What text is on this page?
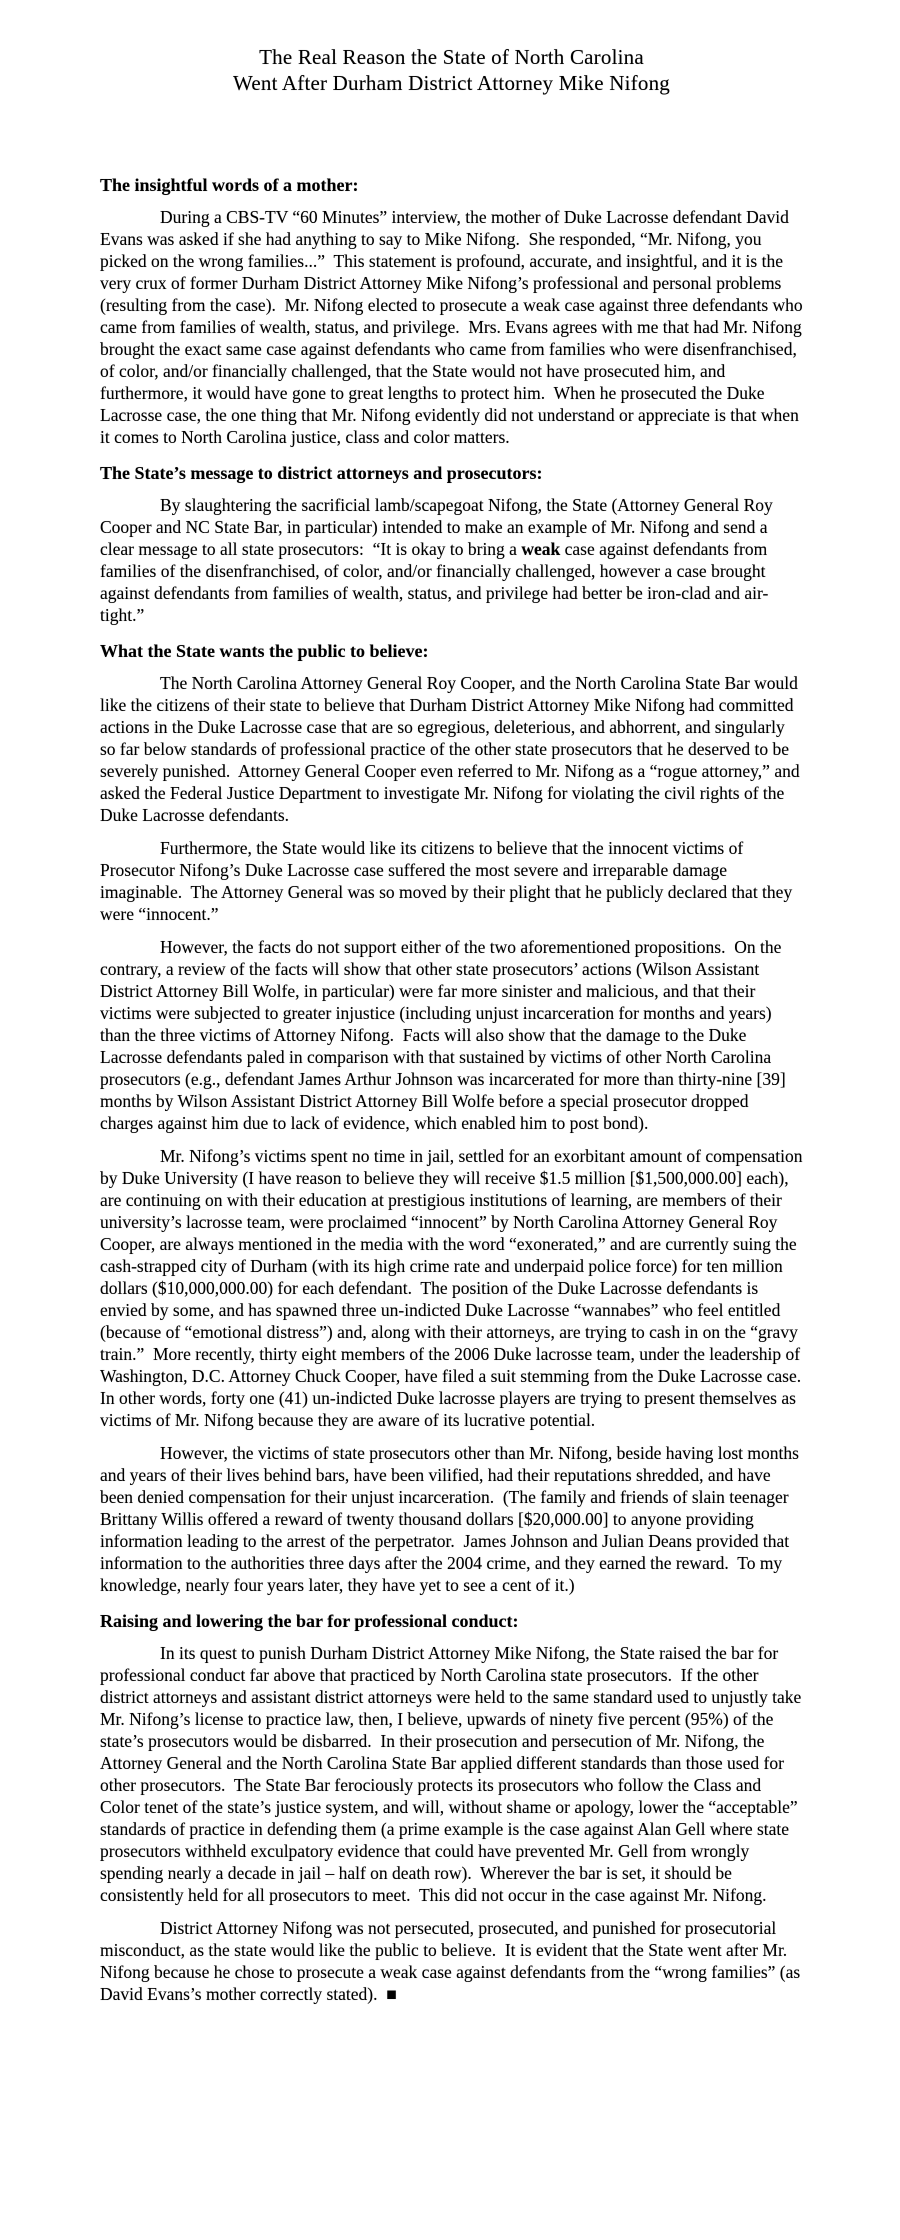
The Real Reason the State of North Carolina
Went After Durham District Attorney Mike Nifong
The insightful words of a mother:

During a CBS-TV “60 Minutes” interview, the mother of Duke Lacrosse defendant David Evans was asked if she had anything to say to Mike Nifong.  She responded, “Mr. Nifong, you picked on the wrong families...”  This statement is profound, accurate, and insightful, and it is the very crux of former Durham District Attorney Mike Nifong’s professional and personal problems (resulting from the case).  Mr. Nifong elected to prosecute a weak case against three defendants who came from families of wealth, status, and privilege.  Mrs. Evans agrees with me that had Mr. Nifong brought the exact same case against defendants who came from families who were disenfranchised, of color, and/or financially challenged, that the State would not have prosecuted him, and furthermore, it would have gone to great lengths to protect him.  When he prosecuted the Duke Lacrosse case, the one thing that Mr. Nifong evidently did not understand or appreciate is that when it comes to North Carolina justice, class and color matters.

The State’s message to district attorneys and prosecutors:

By slaughtering the sacrificial lamb/scapegoat Nifong, the State (Attorney General Roy Cooper and NC State Bar, in particular) intended to make an example of Mr. Nifong and send a clear message to all state prosecutors:  “It is okay to bring a weak case against defendants from families of the disenfranchised, of color, and/or financially challenged, however a case brought against defendants from families of wealth, status, and privilege had better be iron-clad and air-tight.”

What the State wants the public to believe:

The North Carolina Attorney General Roy Cooper, and the North Carolina State Bar would like the citizens of their state to believe that Durham District Attorney Mike Nifong had committed actions in the Duke Lacrosse case that are so egregious, deleterious, and abhorrent, and singularly so far below standards of professional practice of the other state prosecutors that he deserved to be severely punished.  Attorney General Cooper even referred to Mr. Nifong as a “rogue attorney,” and asked the Federal Justice Department to investigate Mr. Nifong for violating the civil rights of the Duke Lacrosse defendants.

Furthermore, the State would like its citizens to believe that the innocent victims of Prosecutor Nifong’s Duke Lacrosse case suffered the most severe and irreparable damage imaginable.  The Attorney General was so moved by their plight that he publicly declared that they were “innocent.”

However, the facts do not support either of the two aforementioned propositions.  On the contrary, a review of the facts will show that other state prosecutors’ actions (Wilson Assistant District Attorney Bill Wolfe, in particular) were far more sinister and malicious, and that their victims were subjected to greater injustice (including unjust incarceration for months and years) than the three victims of Attorney Nifong.  Facts will also show that the damage to the Duke Lacrosse defendants paled in comparison with that sustained by victims of other North Carolina prosecutors (e.g., defendant James Arthur Johnson was incarcerated for more than thirty-nine [39] months by Wilson Assistant District Attorney Bill Wolfe before a special prosecutor dropped charges against him due to lack of evidence, which enabled him to post bond).

Mr. Nifong’s victims spent no time in jail, settled for an exorbitant amount of compensation by Duke University (I have reason to believe they will receive $1.5 million [$1,500,000.00] each), are continuing on with their education at prestigious institutions of learning, are members of their university’s lacrosse team, were proclaimed “innocent” by North Carolina Attorney General Roy Cooper, are always mentioned in the media with the word “exonerated,” and are currently suing the cash-strapped city of Durham (with its high crime rate and underpaid police force) for ten million dollars ($10,000,000.00) for each defendant.  The position of the Duke Lacrosse defendants is envied by some, and has spawned three un-indicted Duke Lacrosse “wannabes” who feel entitled (because of “emotional distress”) and, along with their attorneys, are trying to cash in on the “gravy train.”  More recently, thirty eight members of the 2006 Duke lacrosse team, under the leadership of Washington, D.C. Attorney Chuck Cooper, have filed a suit stemming from the Duke Lacrosse case.  In other words, forty one (41) un-indicted Duke lacrosse players are trying to present themselves as victims of Mr. Nifong because they are aware of its lucrative potential.

However, the victims of state prosecutors other than Mr. Nifong, beside having lost months and years of their lives behind bars, have been vilified, had their reputations shredded, and have been denied compensation for their unjust incarceration.  (The family and friends of slain teenager Brittany Willis offered a reward of twenty thousand dollars [$20,000.00] to anyone providing information leading to the arrest of the perpetrator.  James Johnson and Julian Deans provided that information to the authorities three days after the 2004 crime, and they earned the reward.  To my knowledge, nearly four years later, they have yet to see a cent of it.)

Raising and lowering the bar for professional conduct:

In its quest to punish Durham District Attorney Mike Nifong, the State raised the bar for professional conduct far above that practiced by North Carolina state prosecutors.  If the other district attorneys and assistant district attorneys were held to the same standard used to unjustly take Mr. Nifong’s license to practice law, then, I believe, upwards of ninety five percent (95%) of the state’s prosecutors would be disbarred.  In their prosecution and persecution of Mr. Nifong, the Attorney General and the North Carolina State Bar applied different standards than those used for other prosecutors.  The State Bar ferociously protects its prosecutors who follow the Class and Color tenet of the state’s justice system, and will, without shame or apology, lower the “acceptable” standards of practice in defending them (a prime example is the case against Alan Gell where state prosecutors withheld exculpatory evidence that could have prevented Mr. Gell from wrongly spending nearly a decade in jail – half on death row).  Wherever the bar is set, it should be consistently held for all prosecutors to meet.  This did not occur in the case against Mr. Nifong.

District Attorney Nifong was not persecuted, prosecuted, and punished for prosecutorial misconduct, as the state would like the public to believe.  It is evident that the State went after Mr. Nifong because he chose to prosecute a weak case against defendants from the “wrong families” (as David Evans’s mother correctly stated).  ■
